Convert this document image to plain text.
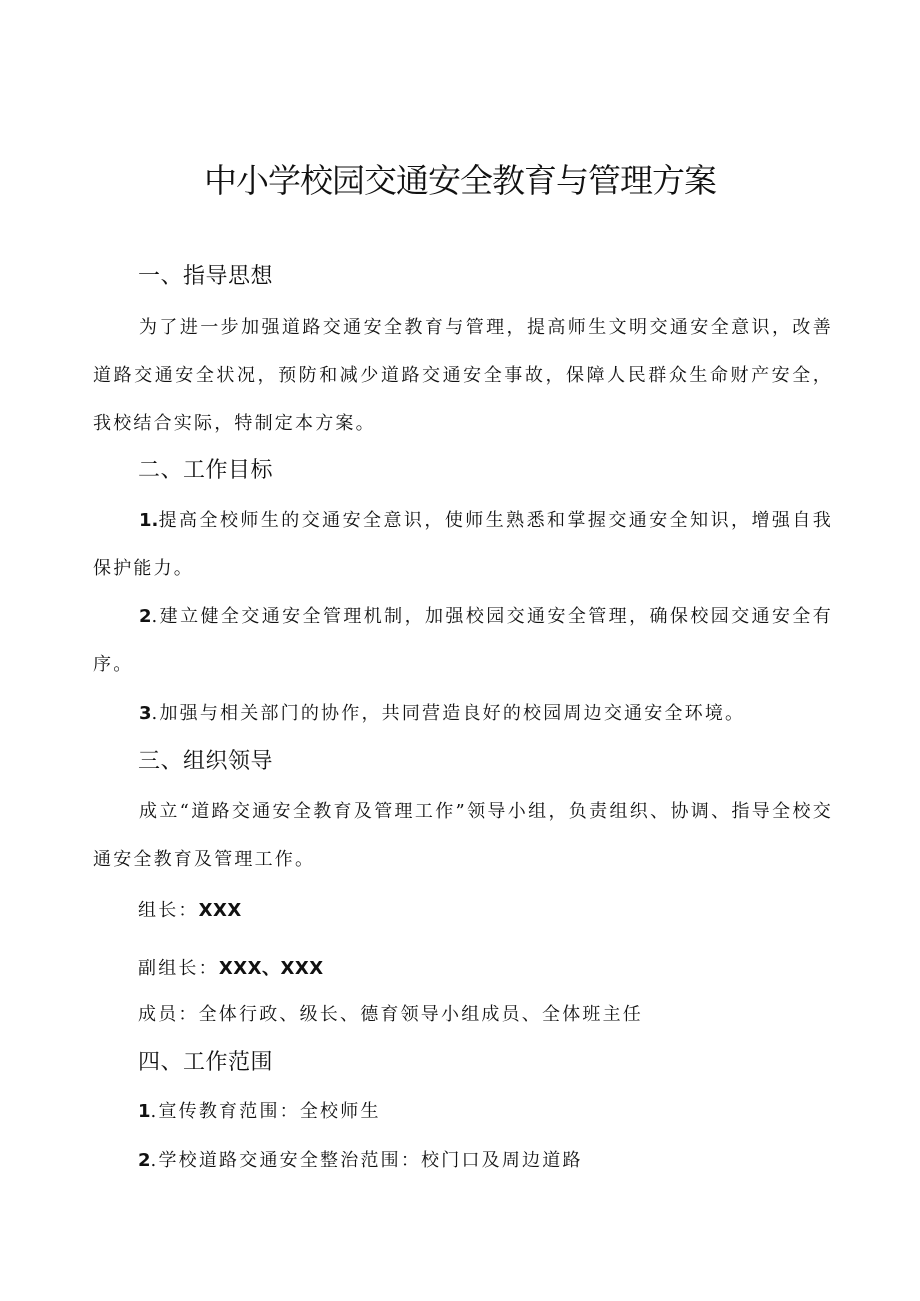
中小学校园交通安全教育与管理方案
一、指导思想

为了进一步加强道路交通安全教育与管理，提高师生文明交通安全意识，改善道路交通安全状况，预防和减少道路交通安全事故，保障人民群众生命财产安全，我校结合实际，特制定本方案。

二、工作目标

1.提高全校师生的交通安全意识，使师生熟悉和掌握交通安全知识，增强自我保护能力。

2.建立健全交通安全管理机制，加强校园交通安全管理，确保校园交通安全有序。

3.加强与相关部门的协作，共同营造良好的校园周边交通安全环境。

三、组织领导

成立“道路交通安全教育及管理工作”领导小组，负责组织、协调、指导全校交通安全教育及管理工作。

组长：XXX
副组长：XXX、XXX
成员：全体行政、级长、德育领导小组成员、全体班主任
四、工作范围
1.宣传教育范围：全校师生
2.学校道路交通安全整治范围：校门口及周边道路
